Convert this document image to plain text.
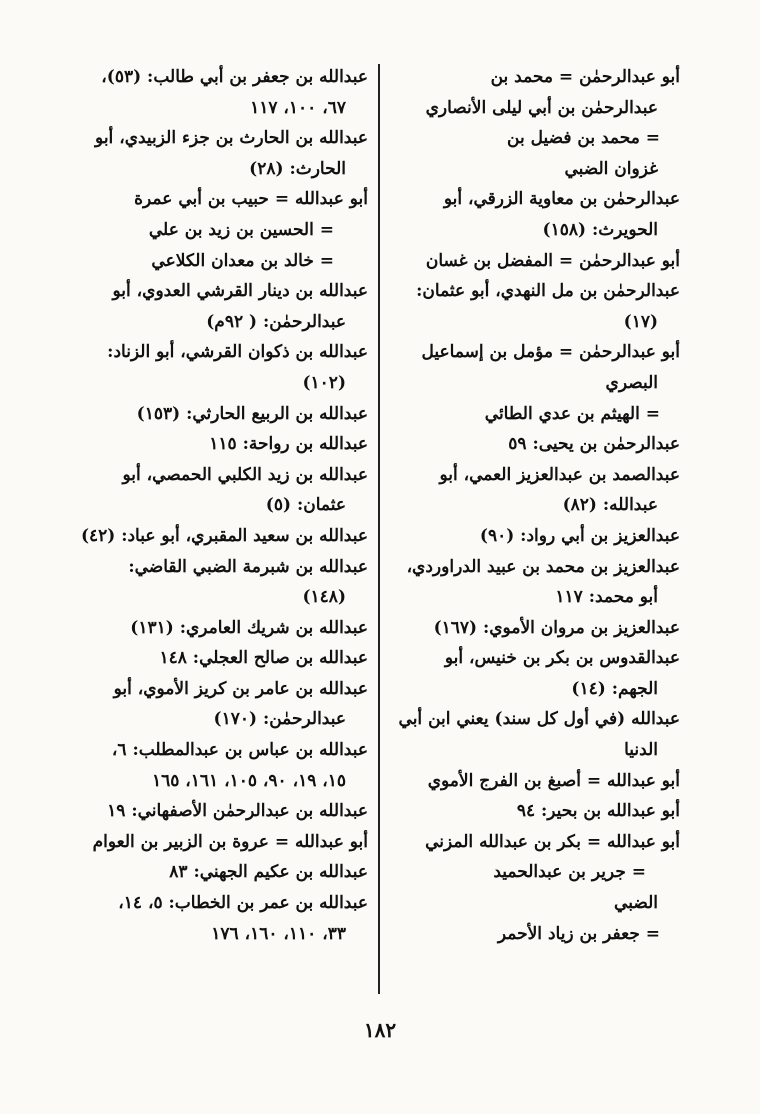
أبو عبدالرحمٰن = محمد بن
عبدالرحمٰن بن أبي ليلى الأنصاري
= محمد بن فضيل بن
غزوان الضبي
عبدالرحمٰن بن معاوية الزرقي، أبو
الحويرث: (١٥٨)
أبو عبدالرحمٰن = المفضل بن غسان
عبدالرحمٰن بن مل النهدي، أبو عثمان:
(١٧)
أبو عبدالرحمٰن = مؤمل بن إسماعيل
البصري
= الهيثم بن عدي الطائي
عبدالرحمٰن بن يحيى: ٥٩
عبدالصمد بن عبدالعزيز العمي، أبو
عبدالله: (٨٢)
عبدالعزيز بن أبي رواد: (٩٠)
عبدالعزيز بن محمد بن عبيد الدراوردي،
أبو محمد: ١١٧
عبدالعزيز بن مروان الأموي: (١٦٧)
عبدالقدوس بن بكر بن خنيس، أبو
الجهم: (١٤)
عبدالله (في أول كل سند) يعني ابن أبي
الدنيا
أبو عبدالله = أصبغ بن الفرج الأموي
أبو عبدالله بن بحير: ٩٤
أبو عبدالله = بكر بن عبدالله المزني
= جرير بن عبدالحميد
الضبي
= جعفر بن زياد الأحمر
عبدالله بن جعفر بن أبي طالب: (٥٣)،
٦٧، ١٠٠، ١١٧
عبدالله بن الحارث بن جزء الزبيدي، أبو
الحارث: (٢٨)
أبو عبدالله = حبيب بن أبي عمرة
= الحسين بن زيد بن علي
= خالد بن معدان الكلاعي
عبدالله بن دينار القرشي العدوي، أبو
عبدالرحمٰن: ( ٩٢م)
عبدالله بن ذكوان القرشي، أبو الزناد:
(١٠٢)
عبدالله بن الربيع الحارثي: (١٥٣)
عبدالله بن رواحة: ١١٥
عبدالله بن زيد الكلبي الحمصي، أبو
عثمان: (٥)
عبدالله بن سعيد المقبري، أبو عباد: (٤٢)
عبدالله بن شبرمة الضبي القاضي:
(١٤٨)
عبدالله بن شريك العامري: (١٣١)
عبدالله بن صالح العجلي: ١٤٨
عبدالله بن عامر بن كريز الأموي، أبو
عبدالرحمٰن: (١٧٠)
عبدالله بن عباس بن عبدالمطلب: ٦،
١٥، ١٩، ٩٠، ١٠٥، ١٦١، ١٦٥
عبدالله بن عبدالرحمٰن الأصفهاني: ١٩
أبو عبدالله = عروة بن الزبير بن العوام
عبدالله بن عكيم الجهني: ٨٣
عبدالله بن عمر بن الخطاب: ٥، ١٤،
٣٣، ١١٠، ١٦٠، ١٧٦
١٨٢
